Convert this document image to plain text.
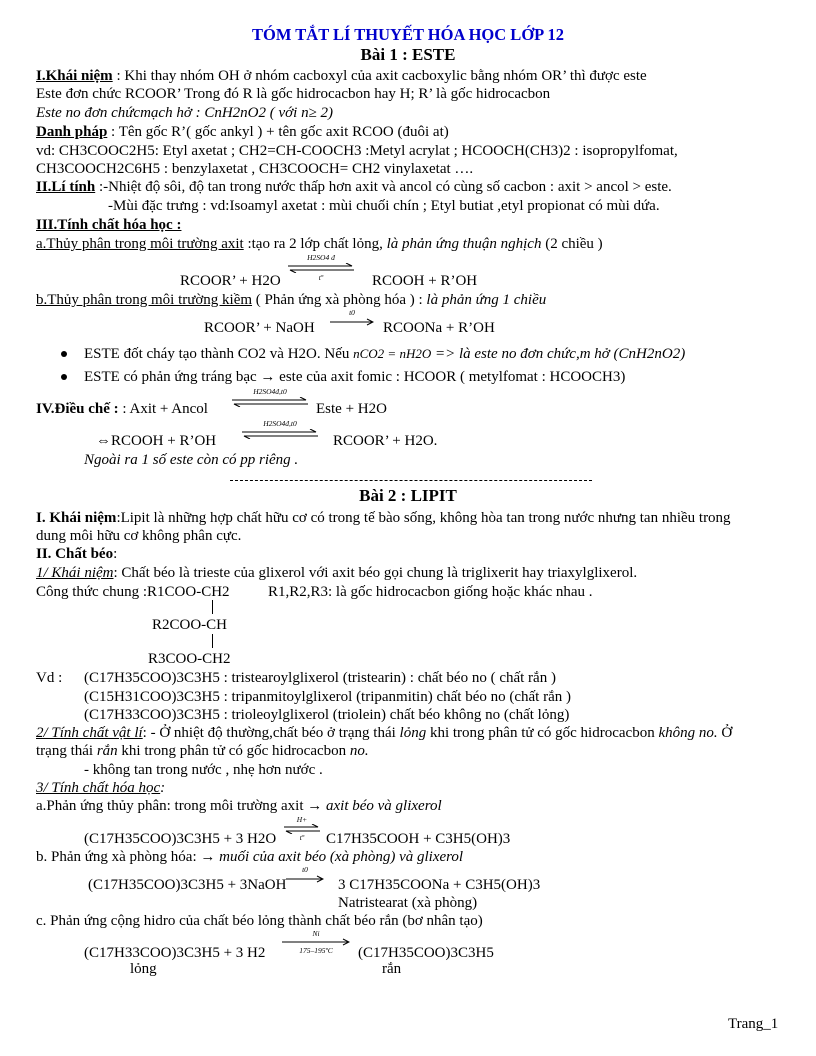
TÓM TẮT LÍ THUYẾT HÓA HỌC LỚP 12
Bài 1 : ESTE
I.Khái niệm : Khi thay nhóm OH ở nhóm cacboxyl của axit cacboxylic bằng nhóm OR’ thì được este
Este đơn chức RCOOR’ Trong đó R là gốc hidrocacbon hay H; R’ là gốc hidrocacbon
Este no đơn chứcmạch hở : CnH2nO2 ( với n≥ 2)
Danh pháp : Tên gốc R’( gốc ankyl ) + tên gốc axit RCOO (đuôi at)
vd: CH3COOC2H5: Etyl axetat ; CH2=CH-COOCH3 :Metyl acrylat ; HCOOCH(CH3)2 : isopropylfomat,
CH3COOCH2C6H5 : benzylaxetat , CH3COOCH= CH2 vinylaxetat ….
II.Lí tính :-Nhiệt độ sôi, độ tan trong nước thấp hơn axit và ancol có cùng số cacbon : axit > ancol > este.
-Mùi đặc trưng : vd:Isoamyl axetat : mùi chuối chín ; Etyl butiat ,etyl propionat có mùi dứa.
III.Tính chất hóa học :
a.Thủy phân trong môi trường axit :tạo ra 2 lớp chất lỏng, là phản ứng thuận nghịch (2 chiều )
RCOOR’ + H2O
H2SO4 đ
tº	RCOOH + R’OH
b.Thủy phân trong môi trường kiềm ( Phản ứng xà phòng hóa ) : là phản ứng 1 chiều
RCOOR’ + NaOH
t0
RCOONa + R’OH
ESTE đốt cháy tạo thành CO2 và H2O. Nếu nCO2 = nH2O => là este no đơn chức,m hở (CnH2nO2)
ESTE có phản ứng tráng bạc → este của axit fomic : HCOOR ( metylfomat : HCOOCH3)
IV.Điều chế : : Axit + Ancol
H2SO4đ,t0
Este + H2O
⇔RCOOH + R’OH
H2SO4đ,t0
RCOOR’ + H2O.
Ngoài ra 1 số este còn có pp riêng .
Bài 2 : LIPIT
I. Khái niệm:Lipit là những hợp chất hữu cơ có trong tế bào sống, không hòa tan trong nước nhưng tan nhiều trong
dung môi hữu cơ không phân cực.
II. Chất béo:
1/ Khái niệm: Chất béo là trieste của glixerol với axit béo gọi chung là triglixerit hay triaxylglixerol.
Công thức chung :R1COO-CH2	R1,R2,R3: là gốc hidrocacbon giống hoặc khác nhau .
R2COO-CH
R3COO-CH2
Vd : (C17H35COO)3C3H5 : tristearoylglixerol (tristearin) : chất béo no ( chất rắn )
(C15H31COO)3C3H5 : tripanmitoylglixerol (tripanmitin) chất béo no (chất rắn )
(C17H33COO)3C3H5 : trioleoylglixerol (triolein) chất béo không no (chất lỏng)
2/ Tính chất vật lí: - Ở nhiệt độ thường,chất béo ở trạng thái lỏng khi trong phân tử có gốc hidrocacbon không no. Ở
trạng thái rắn khi trong phân tử có gốc hidrocacbon no.
- không tan trong nước , nhẹ hơn nước .
3/ Tính chất hóa học:
a.Phản ứng thủy phân: trong môi trường axit → axit béo và glixerol
(C17H35COO)3C3H5 + 3 H2O
H+
tº	C17H35COOH + C3H5(OH)3
b. Phản ứng xà phòng hóa: → muối của axit béo (xà phòng) và glixerol
(C17H35COO)3C3H5 + 3NaOH
t0
3 C17H35COONa + C3H5(OH)3
Natristearat (xà phòng)
c. Phản ứng cộng hidro của chất béo lỏng thành chất béo rắn (bơ nhân tạo)
(C17H33COO)3C3H5 + 3 H2
Ni
175–195ºC	(C17H35COO)3C3H5
lỏng	rắn
Trang_1
